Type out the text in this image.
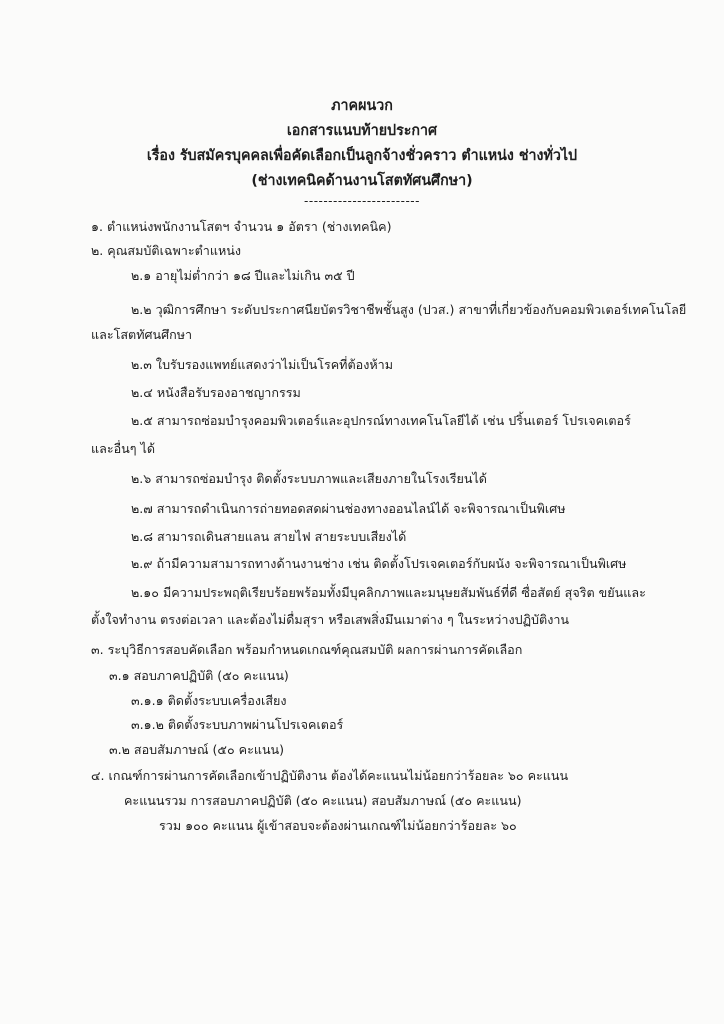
ภาคผนวก
เอกสารแนบท้ายประกาศ
เรื่อง รับสมัครบุคคลเพื่อคัดเลือกเป็นลูกจ้างชั่วคราว ตำแหน่ง ช่างทั่วไป
(ช่างเทคนิคด้านงานโสตทัศนศึกษา)
------------------------
๑. ตำแหน่งพนักงานโสตฯ จำนวน ๑ อัตรา (ช่างเทคนิค)
๒. คุณสมบัติเฉพาะตำแหน่ง
๒.๑ อายุไม่ต่ำกว่า ๑๘ ปีและไม่เกิน ๓๕ ปี
๒.๒ วุฒิการศึกษา ระดับประกาศนียบัตรวิชาชีพชั้นสูง (ปวส.) สาขาที่เกี่ยวข้องกับคอมพิวเตอร์เทคโนโลยี
และโสตทัศนศึกษา
๒.๓ ใบรับรองแพทย์แสดงว่าไม่เป็นโรคที่ต้องห้าม
๒.๔ หนังสือรับรองอาชญากรรม
๒.๕ สามารถซ่อมบำรุงคอมพิวเตอร์และอุปกรณ์ทางเทคโนโลยีได้ เช่น ปริ้นเตอร์ โปรเจคเตอร์
และอื่นๆ ได้
๒.๖ สามารถซ่อมบำรุง ติดตั้งระบบภาพและเสียงภายในโรงเรียนได้
๒.๗ สามารถดำเนินการถ่ายทอดสดผ่านช่องทางออนไลน์ได้ จะพิจารณาเป็นพิเศษ
๒.๘ สามารถเดินสายแลน สายไฟ สายระบบเสียงได้
๒.๙ ถ้ามีความสามารถทางด้านงานช่าง เช่น ติดตั้งโปรเจคเตอร์กับผนัง จะพิจารณาเป็นพิเศษ
๒.๑๐ มีความประพฤติเรียบร้อยพร้อมทั้งมีบุคลิกภาพและมนุษยสัมพันธ์ที่ดี ซื่อสัตย์ สุจริต ขยันและ
ตั้งใจทำงาน ตรงต่อเวลา และต้องไม่ดื่มสุรา หรือเสพสิ่งมึนเมาต่าง ๆ ในระหว่างปฏิบัติงาน
๓. ระบุวิธีการสอบคัดเลือก พร้อมกำหนดเกณฑ์คุณสมบัติ ผลการผ่านการคัดเลือก
๓.๑ สอบภาคปฏิบัติ (๕๐ คะแนน)
๓.๑.๑ ติดตั้งระบบเครื่องเสียง
๓.๑.๒ ติดตั้งระบบภาพผ่านโปรเจคเตอร์
๓.๒ สอบสัมภาษณ์ (๕๐ คะแนน)
๔. เกณฑ์การผ่านการคัดเลือกเข้าปฏิบัติงาน ต้องได้คะแนนไม่น้อยกว่าร้อยละ ๖๐ คะแนน
คะแนนรวม การสอบภาคปฏิบัติ (๕๐ คะแนน) สอบสัมภาษณ์ (๕๐ คะแนน)
รวม ๑๐๐ คะแนน ผู้เข้าสอบจะต้องผ่านเกณฑ์ไม่น้อยกว่าร้อยละ ๖๐
